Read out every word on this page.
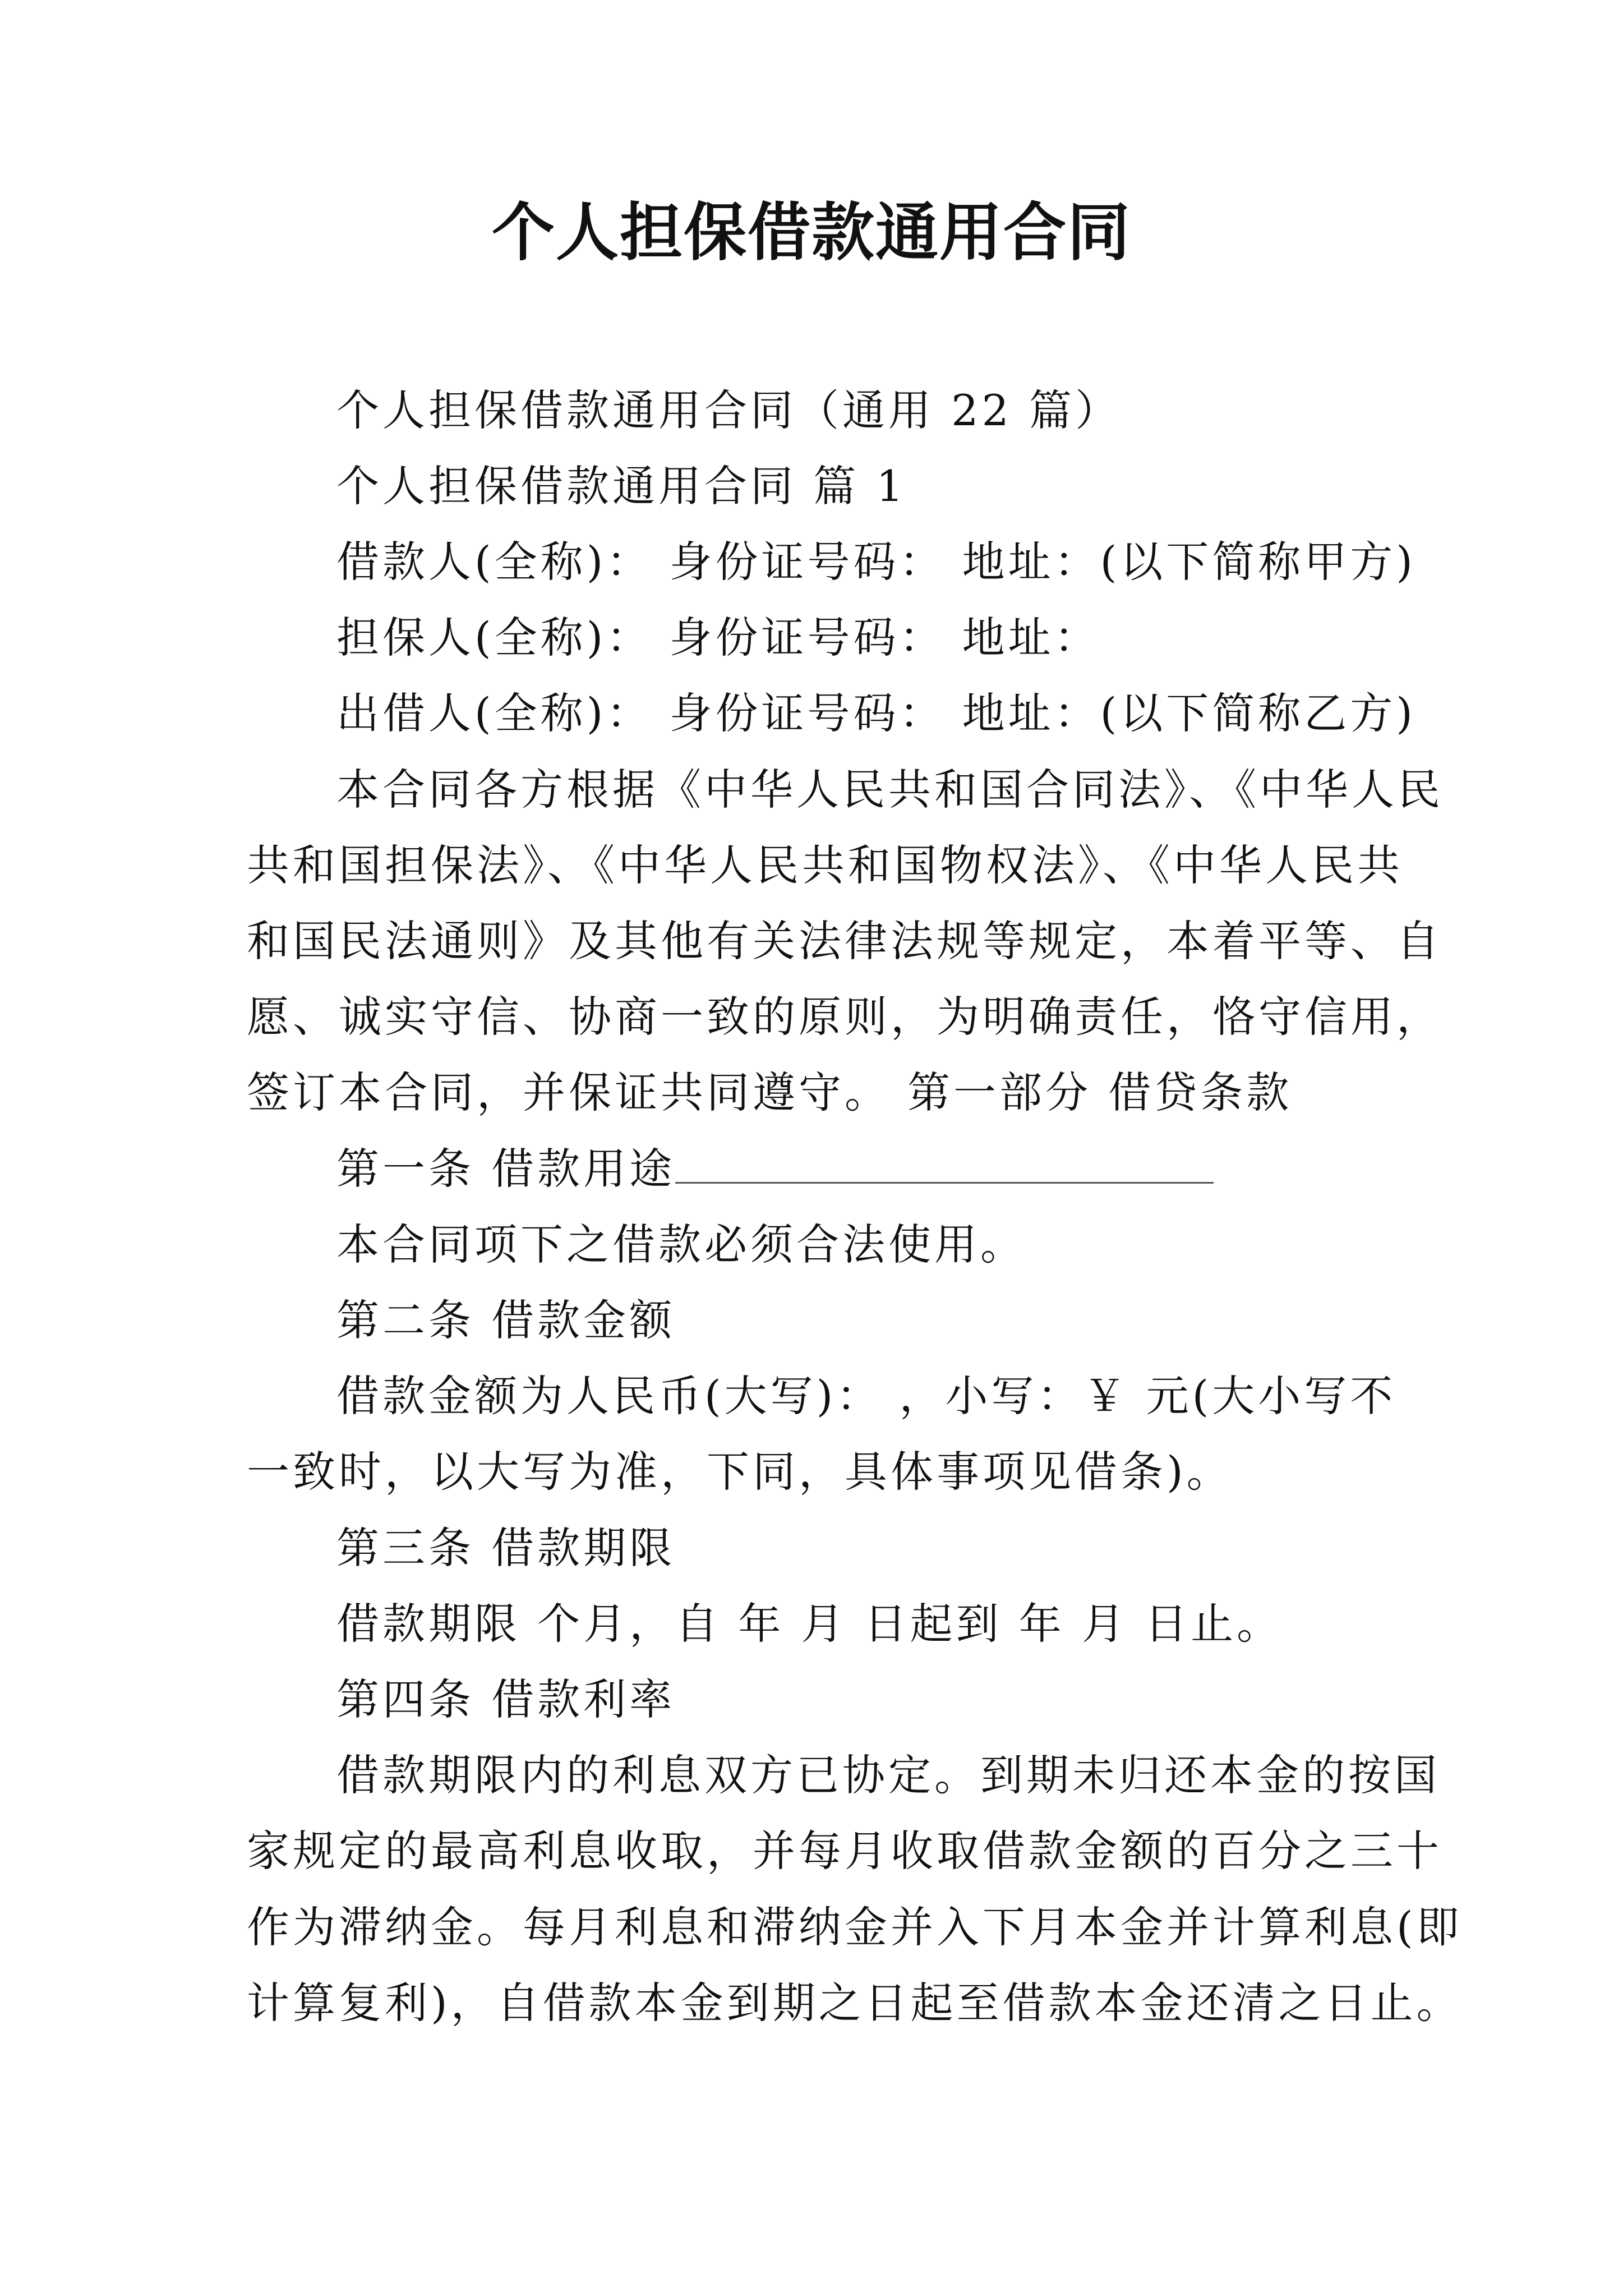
个人担保借款通用合同
个人担保借款通用合同（通用 22 篇）
个人担保借款通用合同 篇 1
借款人(全称)： 身份证号码： 地址：(以下简称甲方)
担保人(全称)： 身份证号码： 地址：
出借人(全称)： 身份证号码： 地址：(以下简称乙方)
本合同各方根据《中华人民共和国合同法》、《中华人民
共和国担保法》、《中华人民共和国物权法》、《中华人民共
和国民法通则》及其他有关法律法规等规定，本着平等、自
愿、诚实守信、协商一致的原则，为明确责任，恪守信用，
签订本合同，并保证共同遵守。 第一部分 借贷条款
第一条 借款用途
本合同项下之借款必须合法使用。
第二条 借款金额
借款金额为人民币(大写)： ，小写：￥ 元(大小写不
一致时，以大写为准，下同，具体事项见借条)。
第三条 借款期限
借款期限 个月，自 年 月 日起到 年 月 日止。
第四条 借款利率
借款期限内的利息双方已协定。到期未归还本金的按国
家规定的最高利息收取，并每月收取借款金额的百分之三十
作为滞纳金。每月利息和滞纳金并入下月本金并计算利息(即
计算复利)，自借款本金到期之日起至借款本金还清之日止。
